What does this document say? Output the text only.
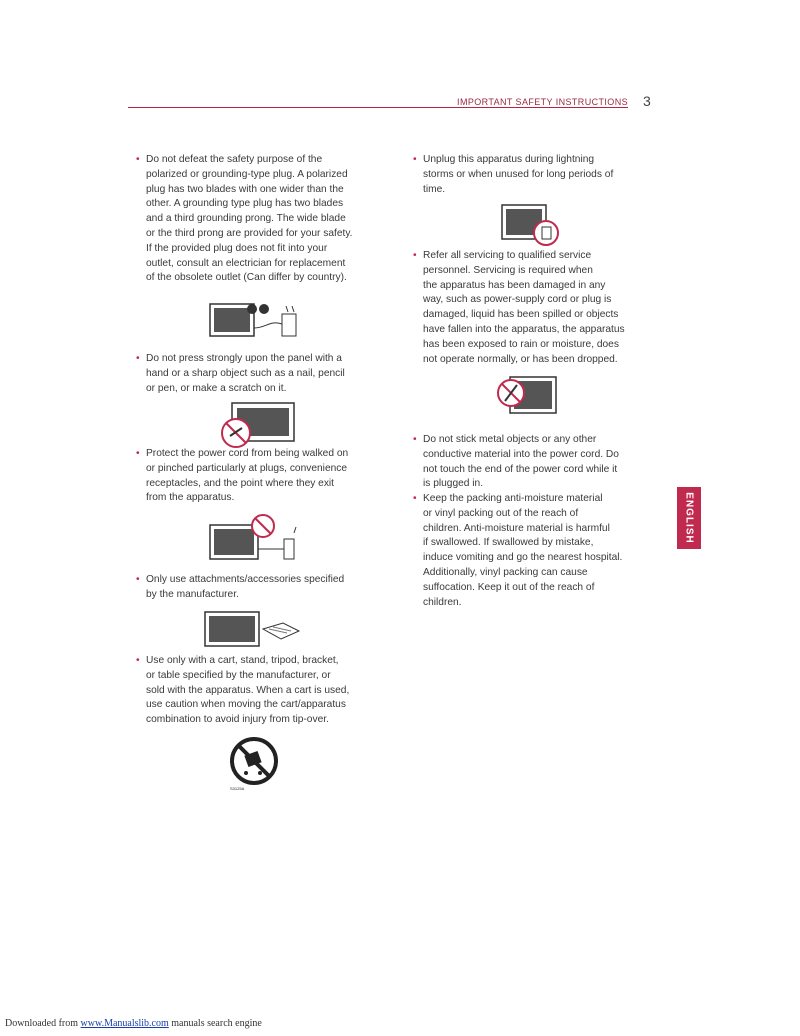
IMPORTANT SAFETY INSTRUCTIONS 3
• Do not defeat the safety purpose of the
polarized or grounding-type plug. A polarized
plug has two blades with one wider than the
other. A grounding type plug has two blades
and a third grounding prong. The wide blade
or the third prong are provided for your safety.
If the provided plug does not fit into your
outlet, consult an electrician for replacement
of the obsolete outlet (Can differ by country).
• Do not press strongly upon the panel with a
hand or a sharp object such as a nail, pencil
or pen, or make a scratch on it.
• Protect the power cord from being walked on
or pinched particularly at plugs, convenience
receptacles, and the point where they exit
from the apparatus.
• Only use attachments/accessories specified
by the manufacturer.
• Use only with a cart, stand, tripod, bracket,
or table specified by the manufacturer, or
sold with the apparatus. When a cart is used,
use caution when moving the cart/apparatus
combination to avoid injury from tip-over.
• Unplug this apparatus during lightning
storms or when unused for long periods of
time.
• Refer all servicing to qualified service
personnel. Servicing is required when
the apparatus has been damaged in any
way, such as power-supply cord or plug is
damaged, liquid has been spilled or objects
have fallen into the apparatus, the apparatus
has been exposed to rain or moisture, does
not operate normally, or has been dropped.
• Do not stick metal objects or any other
conductive material into the power cord. Do
not touch the end of the power cord while it
is plugged in.
• Keep the packing anti-moisture material
or vinyl packing out of the reach of
children. Anti-moisture material is harmful
if swallowed. If swallowed by mistake,
induce vomiting and go the nearest hospital.
Additionally, vinyl packing can cause
suffocation. Keep it out of the reach of
children.
S3125A
ENGLISH
Downloaded from www.Manualslib.com manuals search engine
